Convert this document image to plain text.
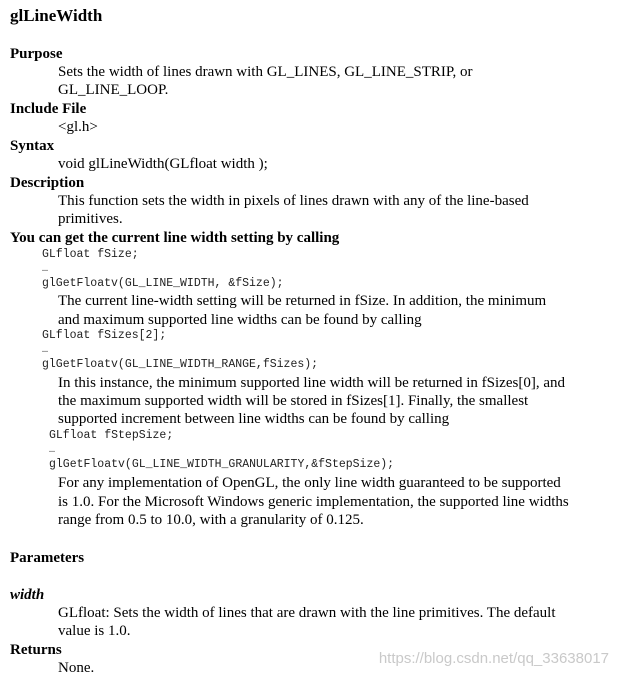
glLineWidth
Purpose
Sets the width of lines drawn with GL_LINES, GL_LINE_STRIP, or
GL_LINE_LOOP.
Include File
<gl.h>
Syntax
void glLineWidth(GLfloat width );
Description
This function sets the width in pixels of lines drawn with any of the line-based
primitives.
You can get the current line width setting by calling
GLfloat fSize;
…
glGetFloatv(GL_LINE_WIDTH, &fSize);
The current line-width setting will be returned in fSize. In addition, the minimum
and maximum supported line widths can be found by calling
GLfloat fSizes[2];
…
glGetFloatv(GL_LINE_WIDTH_RANGE,fSizes);
In this instance, the minimum supported line width will be returned in fSizes[0], and
the maximum supported width will be stored in fSizes[1]. Finally, the smallest
supported increment between line widths can be found by calling
GLfloat fStepSize;
…
glGetFloatv(GL_LINE_WIDTH_GRANULARITY,&fStepSize);
For any implementation of OpenGL, the only line width guaranteed to be supported
is 1.0. For the Microsoft Windows generic implementation, the supported line widths
range from 0.5 to 10.0, with a granularity of 0.125.
Parameters
width
GLfloat: Sets the width of lines that are drawn with the line primitives. The default
value is 1.0.
Returns
None.
https://blog.csdn.net/qq_33638017
